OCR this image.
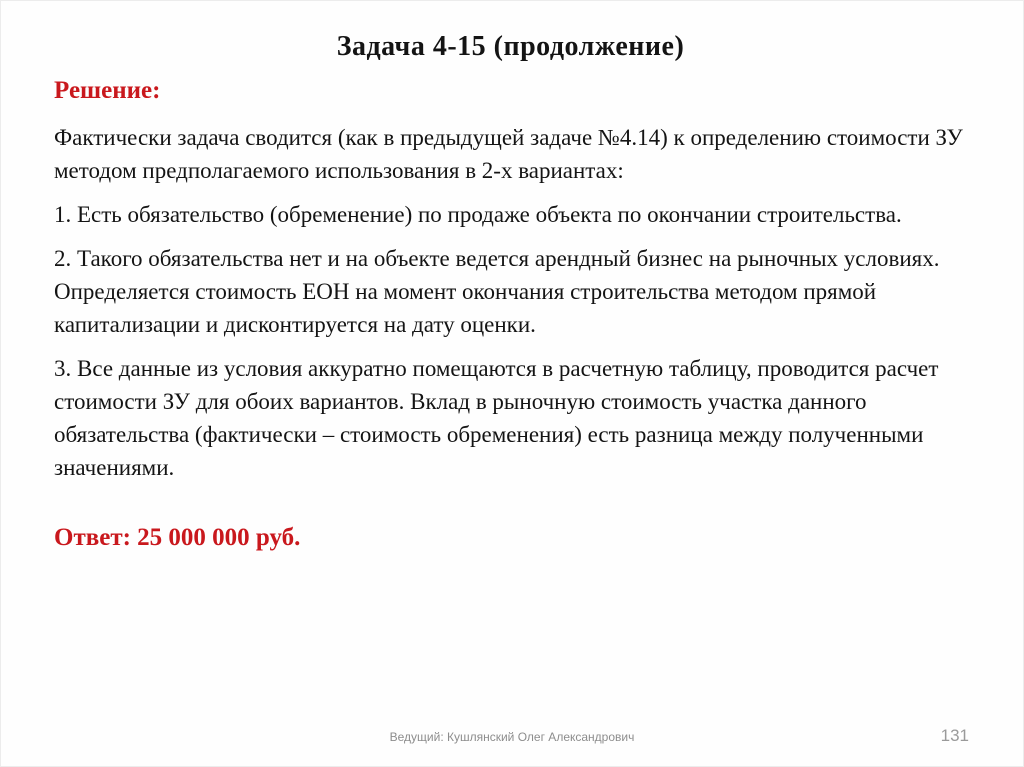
Задача 4-15 (продолжение)
Решение:

Фактически задача сводится (как в предыдущей задаче №4.14) к определению стоимости ЗУ методом предполагаемого использования в 2-х вариантах:

1. Есть обязательство (обременение) по продаже объекта по окончании строительства.

2. Такого обязательства нет и на объекте ведется арендный бизнес на рыночных условиях. Определяется стоимость ЕОН на момент окончания строительства методом прямой капитализации и дисконтируется на дату оценки.

3. Все данные из условия аккуратно помещаются в расчетную таблицу, проводится расчет стоимости ЗУ для обоих вариантов. Вклад в рыночную стоимость участка данного обязательства (фактически – стоимость обременения) есть разница между полученными значениями.

Ответ: 25 000 000 руб.
Ведущий: Кушлянский Олег Александрович	131
